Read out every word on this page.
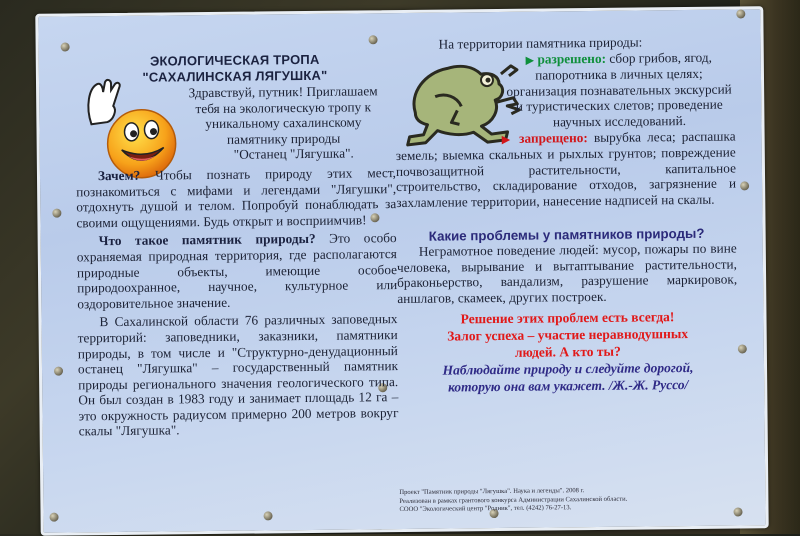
ЭКОЛОГИЧЕСКАЯ ТРОПА
"САХАЛИНСКАЯ ЛЯГУШКА"
Здравствуй, путник! Приглашаем
тебя на экологическую тропу к
уникальному сахалинскому
памятнику природы
"Останец "Лягушка".

Зачем? Чтобы познать природу этих мест, познакомиться с мифами и легендами "Лягушки", отдохнуть душой и телом. Попробуй понаблюдать за своими ощущениями. Будь открыт и восприимчив!

Что такое памятник природы? Это особо охраняемая природная территория, где располагаются природные объекты, имеющие особое природоохранное, научное, культурное или оздоровительное значение.

В Сахалинской области 76 различных заповедных территорий: заповедники, заказники, памятники природы, в том числе и "Структурно-денудационный останец "Лягушка" – государственный памятник природы регионального значения геологического типа. Он был создан в 1983 году и занимает площадь 12 га – это окружность радиусом примерно 200 метров вокруг скалы "Лягушка".

На территории памятника природы:

▶ разрешено: сбор грибов, ягод, папоротника в личных целях; организация познавательных экскурсий и туристических слетов; проведение научных исследований.

▶ запрещено: вырубка леса; распашка земель; выемка скальных и рыхлых грунтов; повреждение почвозащитной растительности, капитальное строительство, складирование отходов, загрязнение и захламление территории, нанесение надписей на скалы.

Какие проблемы у памятников природы?

Неграмотное поведение людей: мусор, пожары по вине человека, вырывание и вытаптывание растительности, браконьерство, вандализм, разрушение маркировок, аншлагов, скамеек, других построек.

Решение этих проблем есть всегда!
Залог успеха – участие неравнодушных
людей. А кто ты?
Наблюдайте природу и следуйте дорогой,
которую она вам укажет. /Ж.-Ж. Руссо/
Проект "Памятник природы "Лягушка". Наука и легенды". 2008 г.
Реализован в рамках грантового конкурса Администрации Сахалинской области.
СООО "Экологический центр "Родник", тел. (4242) 76-27-13.
